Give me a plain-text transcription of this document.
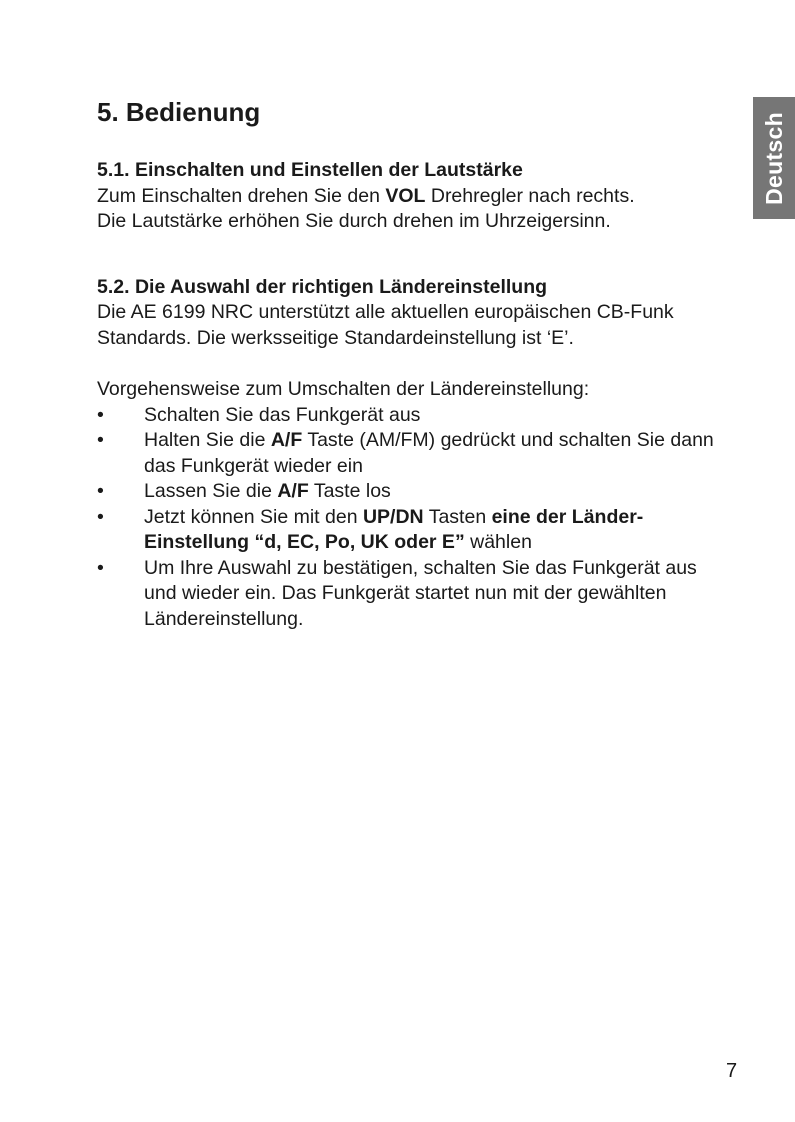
Deutsch
5. Bedienung
5.1. Einschalten und Einstellen der Lautstärke

Zum Einschalten drehen Sie den VOL Drehregler nach rechts.

Die Lautstärke erhöhen Sie durch drehen im Uhrzeigersinn.

5.2. Die Auswahl der richtigen Ländereinstellung

Die AE 6199 NRC unterstützt alle aktuellen europäischen CB-Funk Standards. Die werksseitige Standardeinstellung ist ‘E’.

Vorgehensweise zum Umschalten der Ländereinstellung:

• Schalten Sie das Funkgerät aus
• Halten Sie die A/F Taste (AM/FM) gedrückt und schalten Sie dann das Funkgerät wieder ein
• Lassen Sie die A/F Taste los
• Jetzt können Sie mit den UP/DN Tasten eine der Länder-Einstellung “d, EC, Po, UK oder E” wählen
• Um Ihre Auswahl zu bestätigen, schalten Sie das Funkgerät aus und wieder ein. Das Funkgerät startet nun mit der gewählten Ländereinstellung.
7
